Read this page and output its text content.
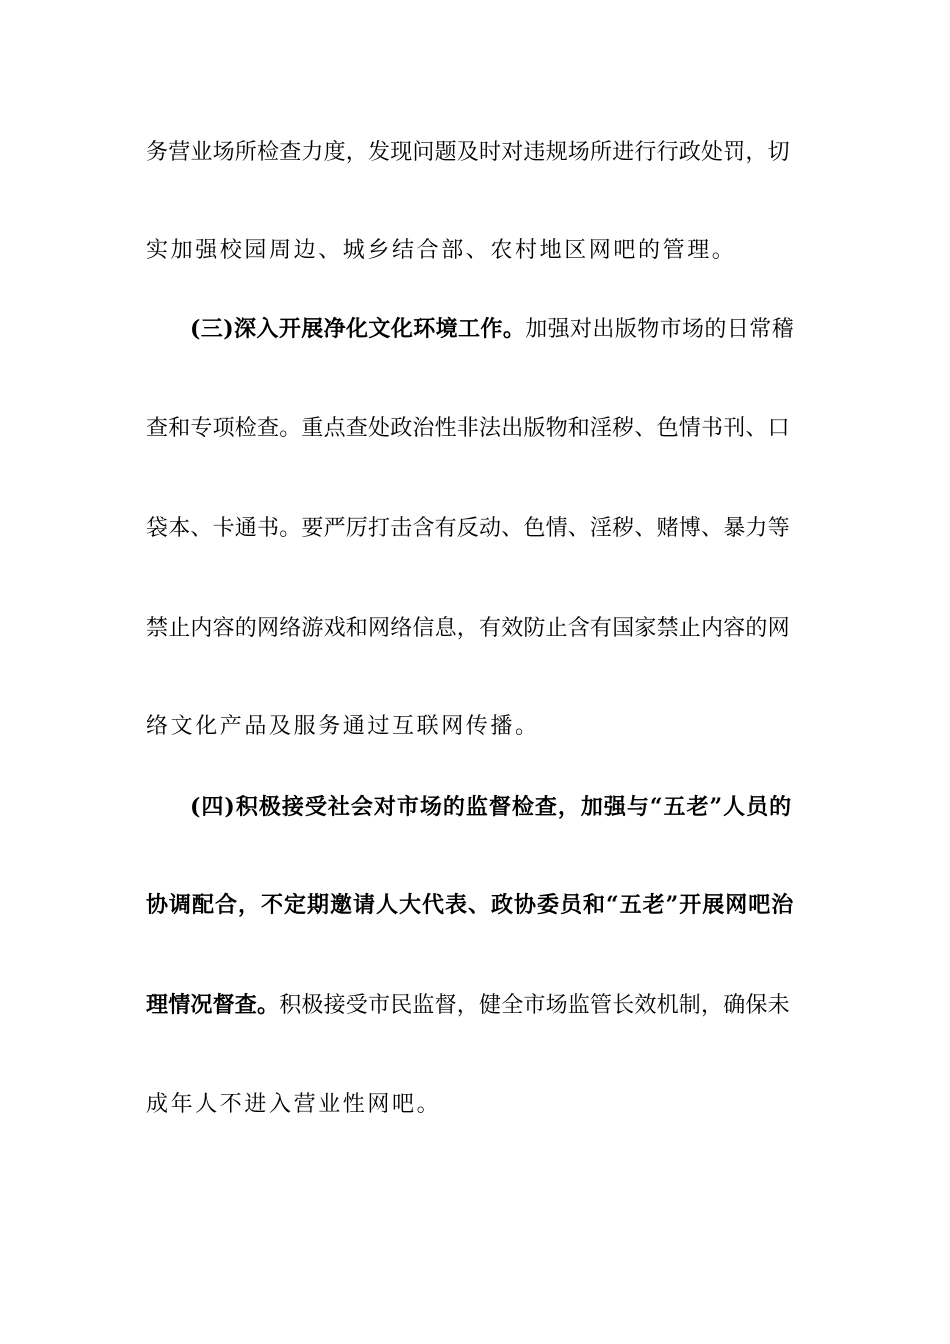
务营业场所检查力度，发现问题及时对违规场所进行行政处罚，切
实加强校园周边、城乡结合部、农村地区网吧的管理。
(三)深入开展净化文化环境工作。加强对出版物市场的日常稽
查和专项检查。重点查处政治性非法出版物和淫秽、色情书刊、口
袋本、卡通书。要严厉打击含有反动、色情、淫秽、赌博、暴力等
禁止内容的网络游戏和网络信息，有效防止含有国家禁止内容的网
络文化产品及服务通过互联网传播。
(四)积极接受社会对市场的监督检查，加强与“五老”人员的
协调配合，不定期邀请人大代表、政协委员和“五老”开展网吧治
理情况督查。积极接受市民监督，健全市场监管长效机制，确保未
成年人不进入营业性网吧。
